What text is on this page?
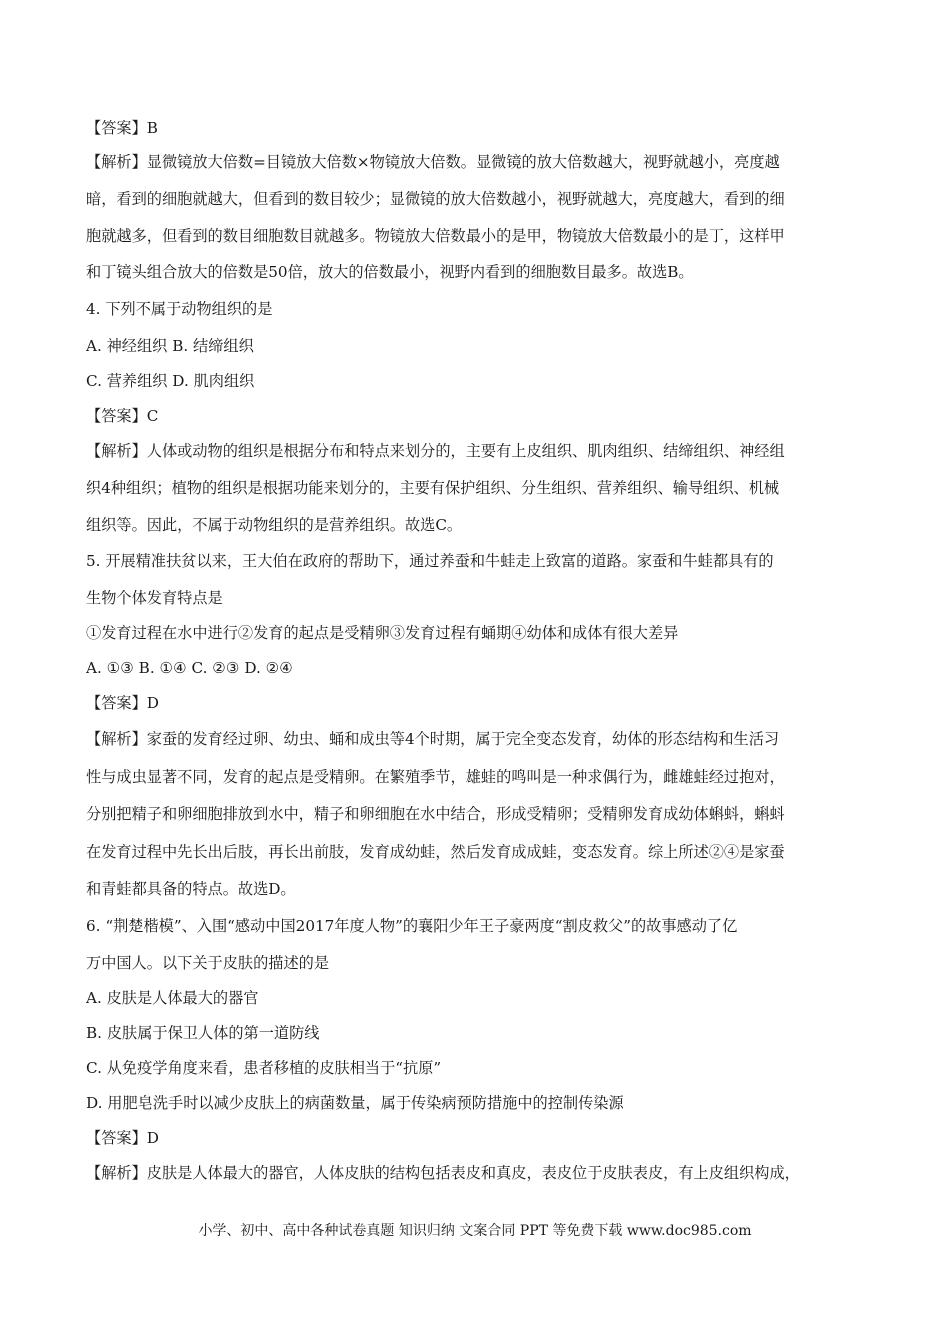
【答案】B
【解析】显微镜放大倍数=目镜放大倍数×物镜放大倍数。显微镜的放大倍数越大，视野就越小，亮度越
暗，看到的细胞就越大，但看到的数目较少；显微镜的放大倍数越小，视野就越大，亮度越大，看到的细
胞就越多，但看到的数目细胞数目就越多。物镜放大倍数最小的是甲，物镜放大倍数最小的是丁，这样甲
和丁镜头组合放大的倍数是50倍，放大的倍数最小，视野内看到的细胞数目最多。故选B。
4. 下列不属于动物组织的是
A. 神经组织 B. 结缔组织
C. 营养组织 D. 肌肉组织
【答案】C
【解析】人体或动物的组织是根据分布和特点来划分的，主要有上皮组织、肌肉组织、结缔组织、神经组
织4种组织；植物的组织是根据功能来划分的，主要有保护组织、分生组织、营养组织、输导组织、机械
组织等。因此，不属于动物组织的是营养组织。故选C。
5. 开展精准扶贫以来，王大伯在政府的帮助下，通过养蚕和牛蛙走上致富的道路。家蚕和牛蛙都具有的
生物个体发育特点是
①发育过程在水中进行②发育的起点是受精卵③发育过程有蛹期④幼体和成体有很大差异
A. ①③ B. ①④ C. ②③ D. ②④
【答案】D
【解析】家蚕的发育经过卵、幼虫、蛹和成虫等4个时期，属于完全变态发育，幼体的形态结构和生活习
性与成虫显著不同，发育的起点是受精卵。在繁殖季节，雄蛙的鸣叫是一种求偶行为，雌雄蛙经过抱对，
分别把精子和卵细胞排放到水中，精子和卵细胞在水中结合，形成受精卵；受精卵发育成幼体蝌蚪，蝌蚪
在发育过程中先长出后肢，再长出前肢，发育成幼蛙，然后发育成成蛙，变态发育。综上所述②④是家蚕
和青蛙都具备的特点。故选D。
6. “荆楚楷模”、入围“感动中国2017年度人物”的襄阳少年王子豪两度“割皮救父”的故事感动了亿
万中国人。以下关于皮肤的描述的是
A. 皮肤是人体最大的器官
B. 皮肤属于保卫人体的第一道防线
C. 从免疫学角度来看，患者移植的皮肤相当于“抗原”
D. 用肥皂洗手时以减少皮肤上的病菌数量，属于传染病预防措施中的控制传染源
【答案】D
【解析】皮肤是人体最大的器官，人体皮肤的结构包括表皮和真皮，表皮位于皮肤表皮，有上皮组织构成，
小学、初中、高中各种试卷真题 知识归纳 文案合同 PPT 等免费下载 www.doc985.com
